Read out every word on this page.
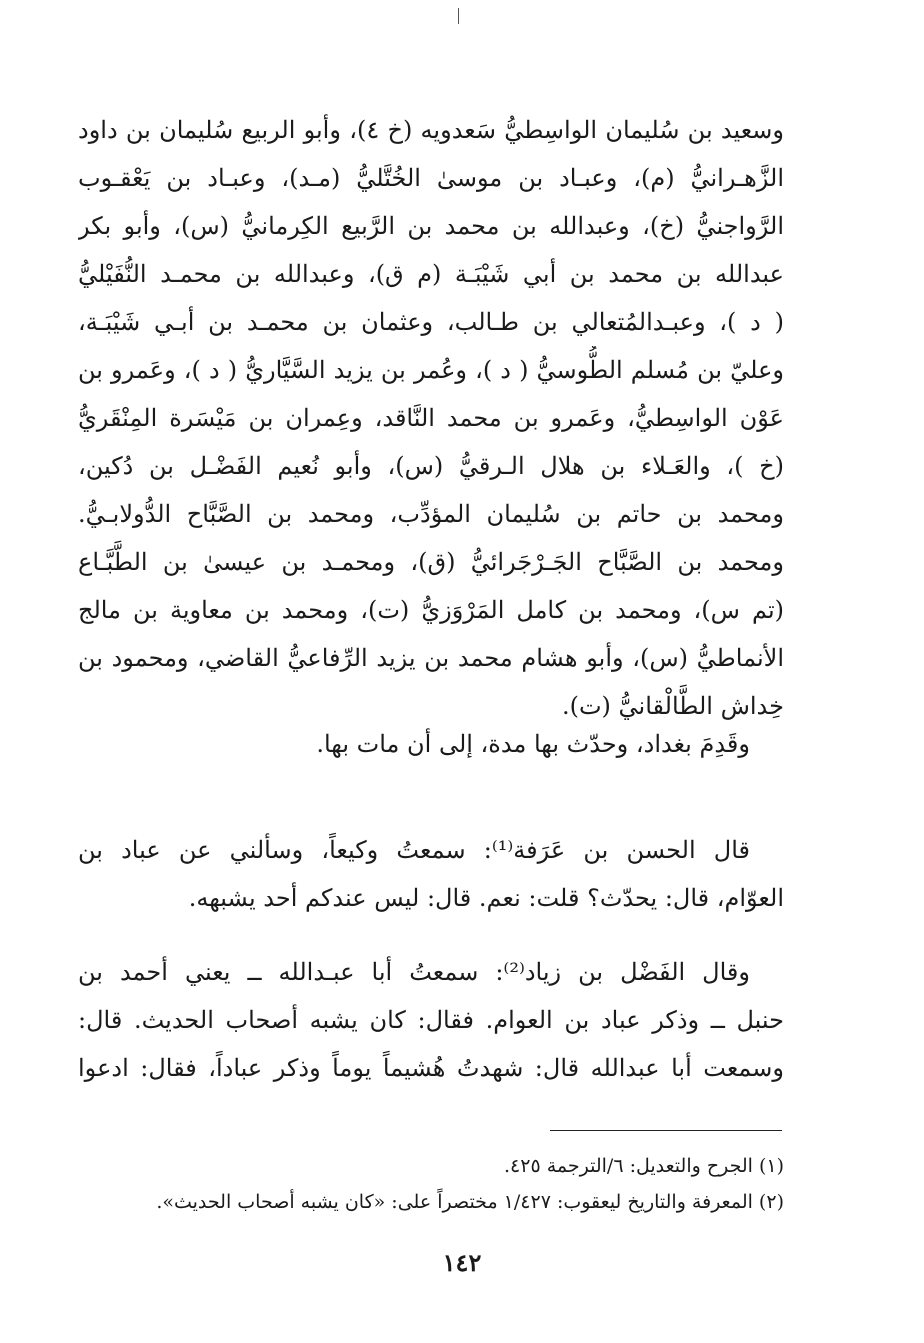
وسعيد بن سُليمان الواسِطيُّ سَعدويه (خ ٤)، وأبو الربيع سُليمان بن داود
الزَّهـرانيُّ (م)، وعبـاد بن موسىٰ الخُتَّليُّ (مـد)، وعبـاد بن يَعْقـوب
الرَّواجنيُّ (خ)، وعبدالله بن محمد بن الرَّبيع الكِرمانيُّ (س)، وأبو بكر
عبدالله بن محمد بن أبي شَيْبَـة (م ق)، وعبدالله بن محمـد النُّفَيْليُّ
( د )، وعبـدالمُتعالي بن طـالب، وعثمان بن محمـد بن أبـي شَيْبَـة،
وعليّ بن مُسلم الطُّوسيُّ ( د )، وعُمر بن يزيد السَّيَّاريُّ ( د )، وعَمرو بن
عَوْن الواسِطيُّ، وعَمرو بن محمد النَّاقد، وعِمران بن مَيْسَرة المِنْقَريُّ
(خ )، والعَـلاء بن هلال الـرقيُّ (س)، وأبو نُعيم الفَضْـل بن دُكين،
ومحمد بن حاتم بن سُليمان المؤدِّب، ومحمد بن الصَّبَّاح الدُّولابـيُّ.
ومحمد بن الصَّبَّاح الجَـرْجَرائيُّ (ق)، ومحمـد بن عيسىٰ بن الطَّبَّـاع
(تم س)، ومحمد بن كامل المَرْوَزيُّ (ت)، ومحمد بن معاوية بن مالج
الأنماطيُّ (س)، وأبو هشام محمد بن يزيد الرِّفاعيُّ القاضي، ومحمود بن
خِداش الطَّالْقانيُّ (ت).
وقَدِمَ بغداد، وحدّث بها مدة، إلى أن مات بها.
قال الحسن بن عَرَفة⁽¹⁾: سمعتُ وكيعاً، وسألني عن عباد بن
العوّام، قال: يحدّث؟ قلت: نعم. قال: ليس عندكم أحد يشبهه.
وقال الفَضْل بن زياد⁽²⁾: سمعتُ أبا عبـدالله ــ يعني أحمد بن
حنبل ــ وذكر عباد بن العوام. فقال: كان يشبه أصحاب الحديث. قال:
وسمعت أبا عبدالله قال: شهدتُ هُشيماً يوماً وذكر عباداً، فقال: ادعوا
(١) الجرح والتعديل: ٦/الترجمة ٤٢٥.
(٢) المعرفة والتاريخ ليعقوب: ١/٤٢٧ مختصراً على: «كان يشبه أصحاب الحديث».
١٤٢
